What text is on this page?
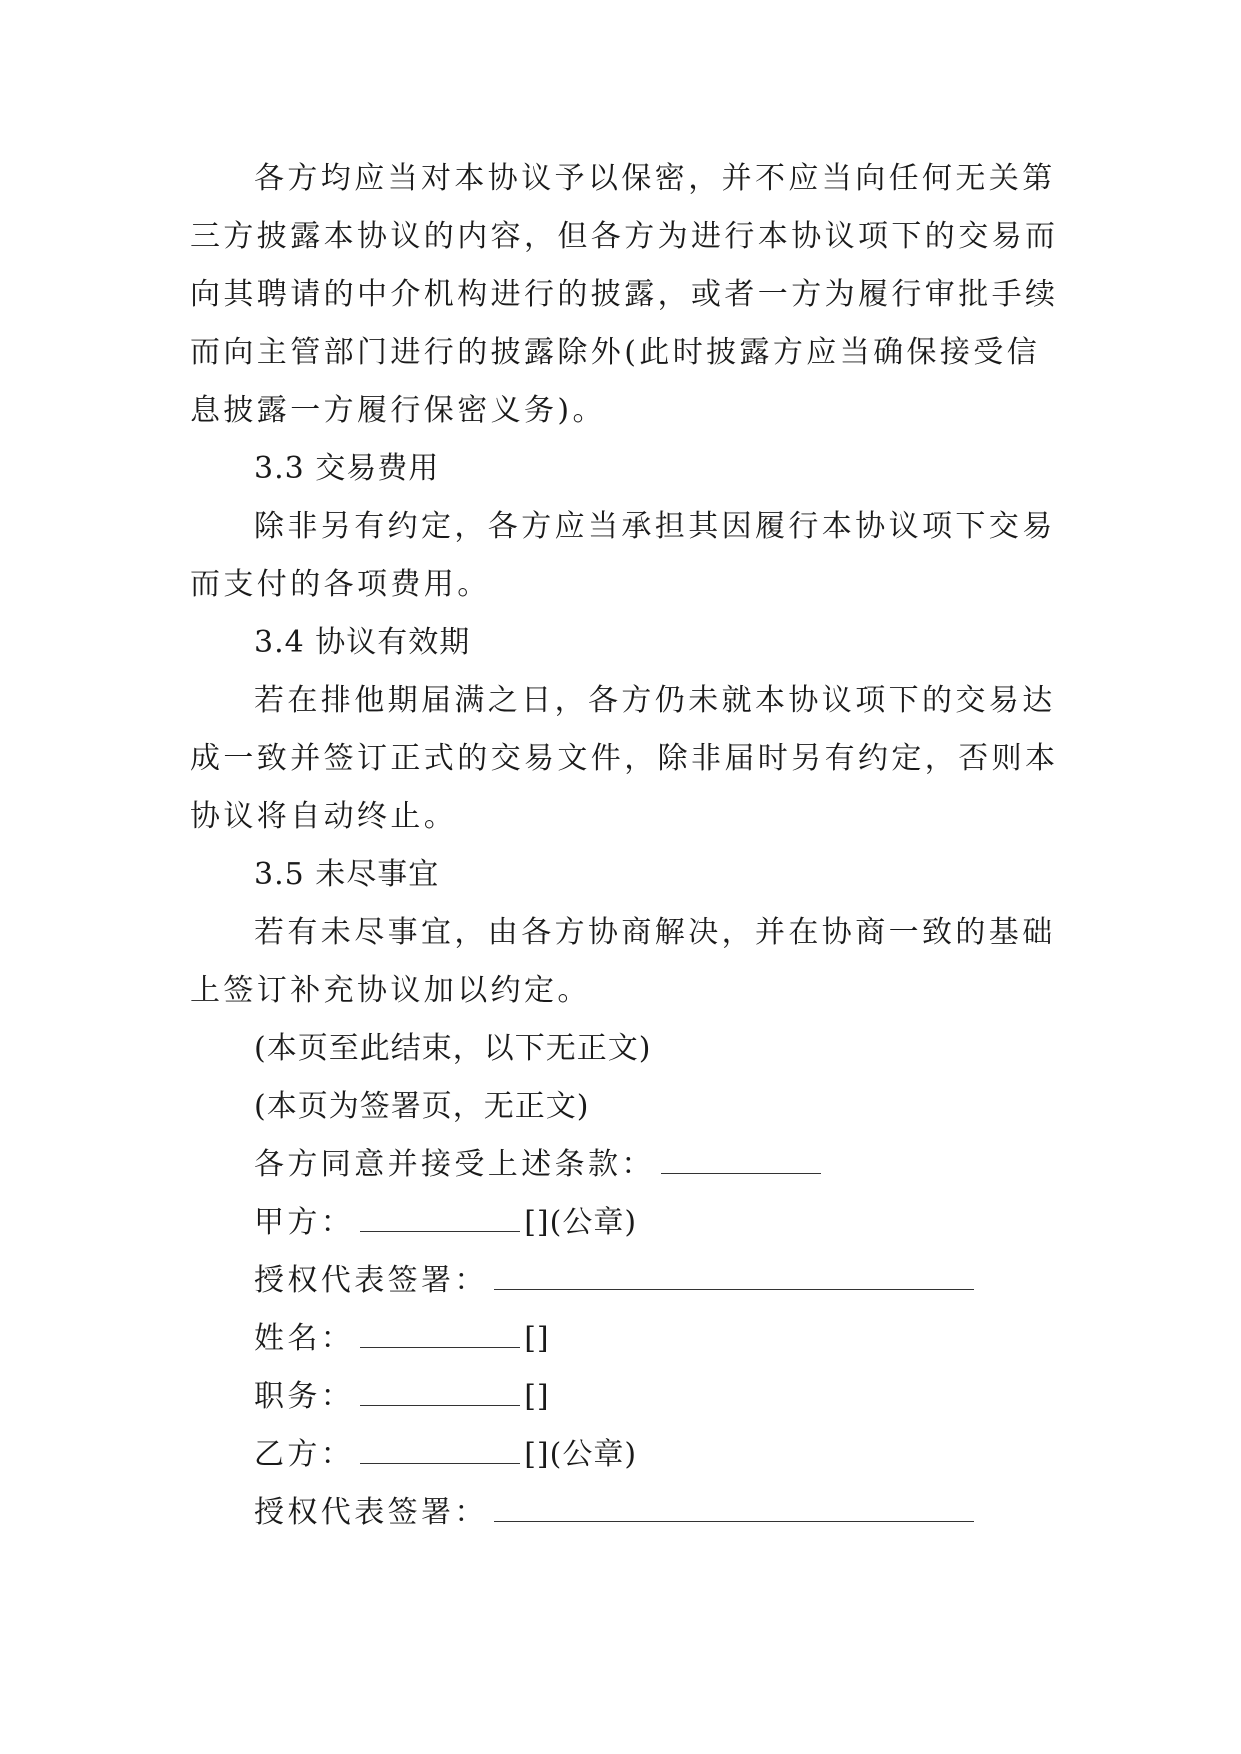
各方均应当对本协议予以保密，并不应当向任何无关第
三方披露本协议的内容，但各方为进行本协议项下的交易而
向其聘请的中介机构进行的披露，或者一方为履行审批手续
而向主管部门进行的披露除外(此时披露方应当确保接受信
息披露一方履行保密义务)。
3.3 交易费用
除非另有约定，各方应当承担其因履行本协议项下交易
而支付的各项费用。
3.4 协议有效期
若在排他期届满之日，各方仍未就本协议项下的交易达
成一致并签订正式的交易文件，除非届时另有约定，否则本
协议将自动终止。
3.5 未尽事宜
若有未尽事宜，由各方协商解决，并在协商一致的基础
上签订补充协议加以约定。
(本页至此结束，以下无正文)
(本页为签署页，无正文)
各方同意并接受上述条款：
甲方：	[](公章)
授权代表签署：
姓名：	[]
职务：	[]
乙方：	[](公章)
授权代表签署：
